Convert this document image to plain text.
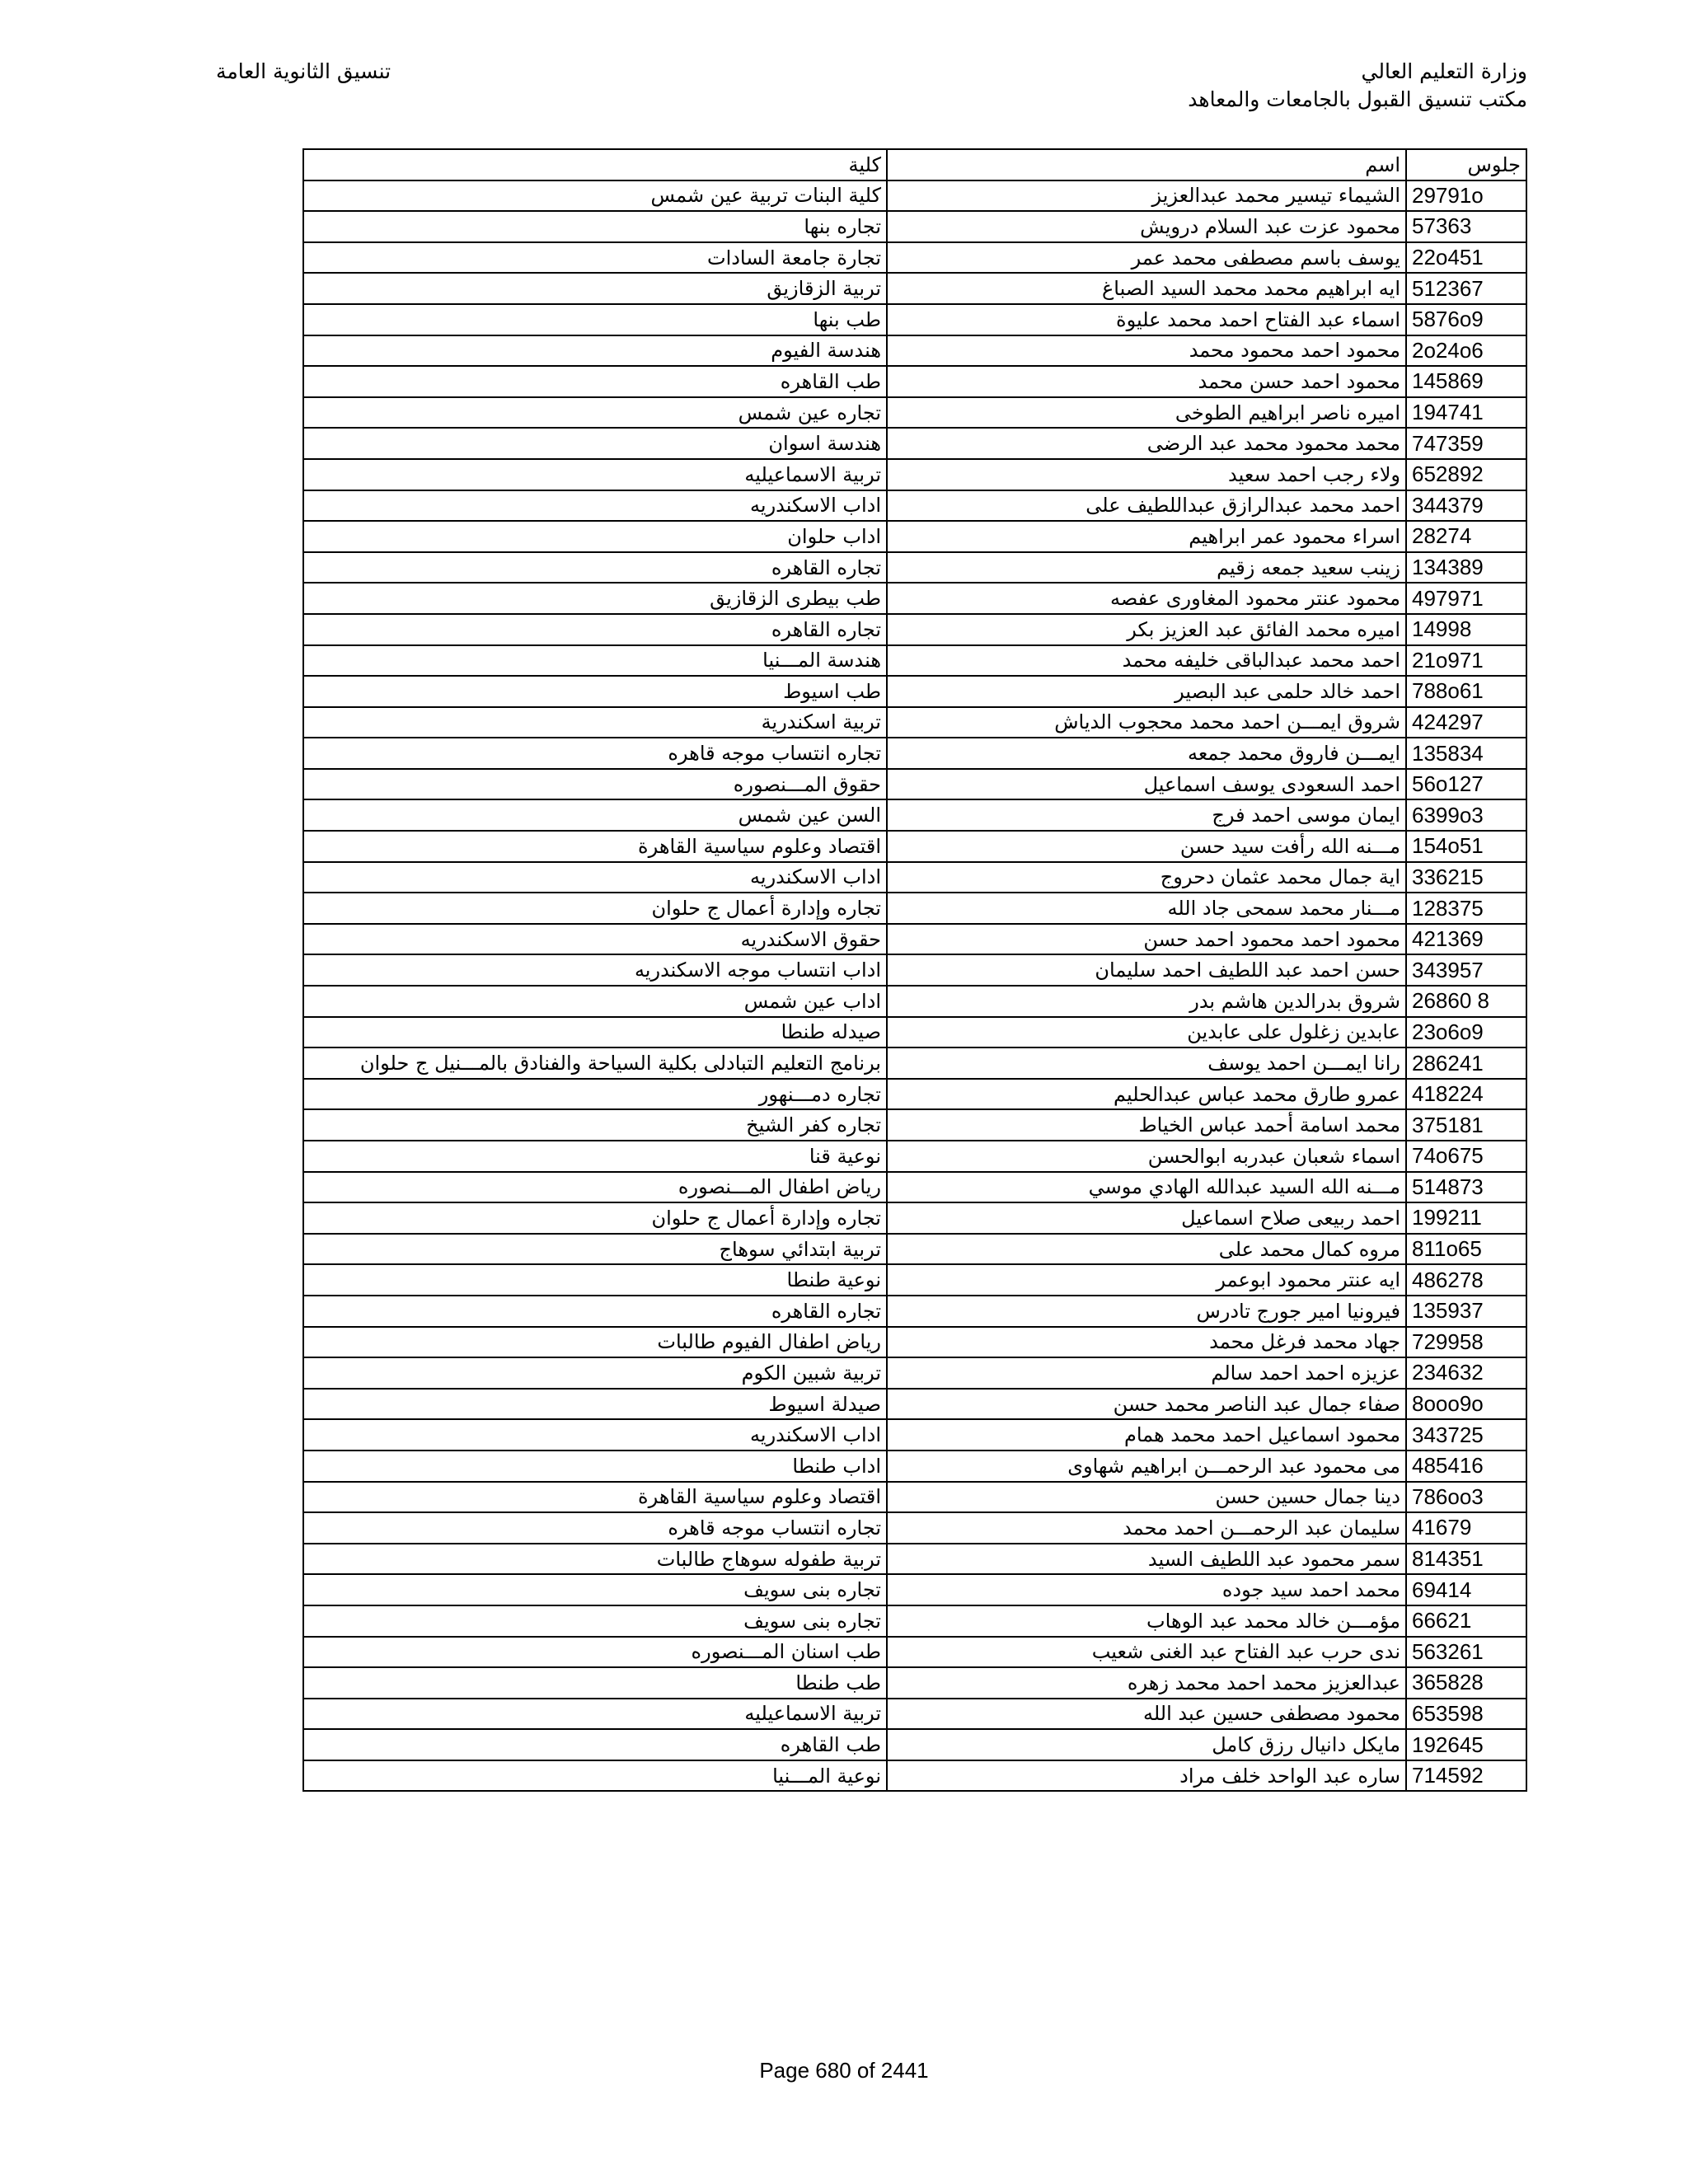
وزارة التعليم العالي
مكتب تنسيق القبول بالجامعات والمعاهد
تنسيق الثانوية العامة
جلوس	اسم	كلية
29791o	الشيماء تيسير محمد عبدالعزيز	كلية البنات تربية عين شمس
57363	محمود عزت عبد السلام درويش	تجاره بنها
22o451	يوسف باسم مصطفى محمد عمر	تجارة جامعة السادات
512367	ايه ابراهيم محمد محمد السيد الصباغ	تربية الزقازيق
5876o9	اسماء عبد الفتاح احمد محمد عليوة	طب بنها
2o24o6	محمود احمد محمود محمد	هندسة الفيوم
145869	محمود احمد حسن محمد	طب القاهره
194741	اميره ناصر ابراهيم الطوخى	تجاره عين شمس
747359	محمد محمود محمد عبد الرضى	هندسة اسوان
652892	ولاء رجب احمد سعيد	تربية الاسماعيليه
344379	احمد محمد عبدالرازق عبداللطيف على	اداب الاسكندريه
28274	اسراء محمود عمر ابراهيم	اداب حلوان
134389	زينب سعيد جمعه زقيم	تجاره القاهره
497971	محمود عنتر محمود المغاورى عفصه	طب بيطرى الزقازيق
14998	اميره محمد الفائق عبد العزيز بكر	تجاره القاهره
21o971	احمد محمد عبدالباقى خليفه محمد	هندسة المـــنيا
788o61	احمد خالد حلمى عبد البصير	طب اسيوط
424297	شروق ايمـــن احمد محمد محجوب الدياش	تربية اسكندرية
135834	ايمـــن فاروق محمد جمعه	تجاره انتساب موجه قاهره
56o127	احمد السعودى يوسف اسماعيل	حقوق المـــنصوره
6399o3	ايمان موسى احمد فرج	السن عين شمس
154o51	مـــنه الله رأفت سيد حسن	اقتصاد وعلوم سياسية القاهرة
336215	اية جمال محمد عثمان دحروج	اداب الاسكندريه
128375	مـــنار محمد سمحى جاد الله	تجاره وإدارة أعمال ج حلوان
421369	محمود احمد محمود احمد حسن	حقوق الاسكندريه
343957	حسن احمد عبد اللطيف احمد سليمان	اداب انتساب موجه الاسكندريه
26860 8	شروق بدرالدين هاشم بدر	اداب عين شمس
23o6o9	عابدين زغلول على عابدين	صيدله طنطا
286241	رانا ايمـــن احمد يوسف	برنامج التعليم التبادلى بكلية السياحة والفنادق بالمـــنيل ج حلوان
418224	عمرو طارق محمد عباس عبدالحليم	تجاره دمـــنهور
375181	محمد اسامة أحمد عباس الخياط	تجاره كفر الشيخ
74o675	اسماء شعبان عبدربه ابوالحسن	نوعية قنا
514873	مـــنه الله السيد عبدالله الهادي موسي	رياض اطفال المـــنصوره
199211	احمد ربيعى صلاح اسماعيل	تجاره وإدارة أعمال ج حلوان
811o65	مروه كمال محمد على	تربية ابتدائي سوهاج
486278	ايه عنتر محمود ابوعمر	نوعية طنطا
135937	فيرونيا امير جورج تادرس	تجاره القاهره
729958	جهاد محمد فرغل محمد	رياض اطفال الفيوم طالبات
234632	عزيزه احمد احمد سالم	تربية شبين الكوم
8ooo9o	صفاء جمال عبد الناصر محمد حسن	صيدلة اسيوط
343725	محمود اسماعيل احمد محمد همام	اداب الاسكندريه
485416	مى محمود عبد الرحمـــن ابراهيم شهاوى	اداب طنطا
786oo3	دينا جمال حسين حسن	اقتصاد وعلوم سياسية القاهرة
41679	سليمان عبد الرحمـــن احمد محمد	تجاره انتساب موجه قاهره
814351	سمر محمود عبد اللطيف السيد	تربية طفوله سوهاج طالبات
69414	محمد احمد سيد جوده	تجاره بنى سويف
66621	مؤمـــن خالد محمد عبد الوهاب	تجاره بنى سويف
563261	ندى حرب عبد الفتاح عبد الغنى شعيب	طب اسنان المـــنصوره
365828	عبدالعزيز محمد احمد محمد زهره	طب طنطا
653598	محمود مصطفى حسين عبد الله	تربية الاسماعيليه
192645	مايكل دانيال رزق كامل	طب القاهره
714592	ساره عبد الواحد خلف مراد	نوعية المـــنيا
Page 680 of 2441
